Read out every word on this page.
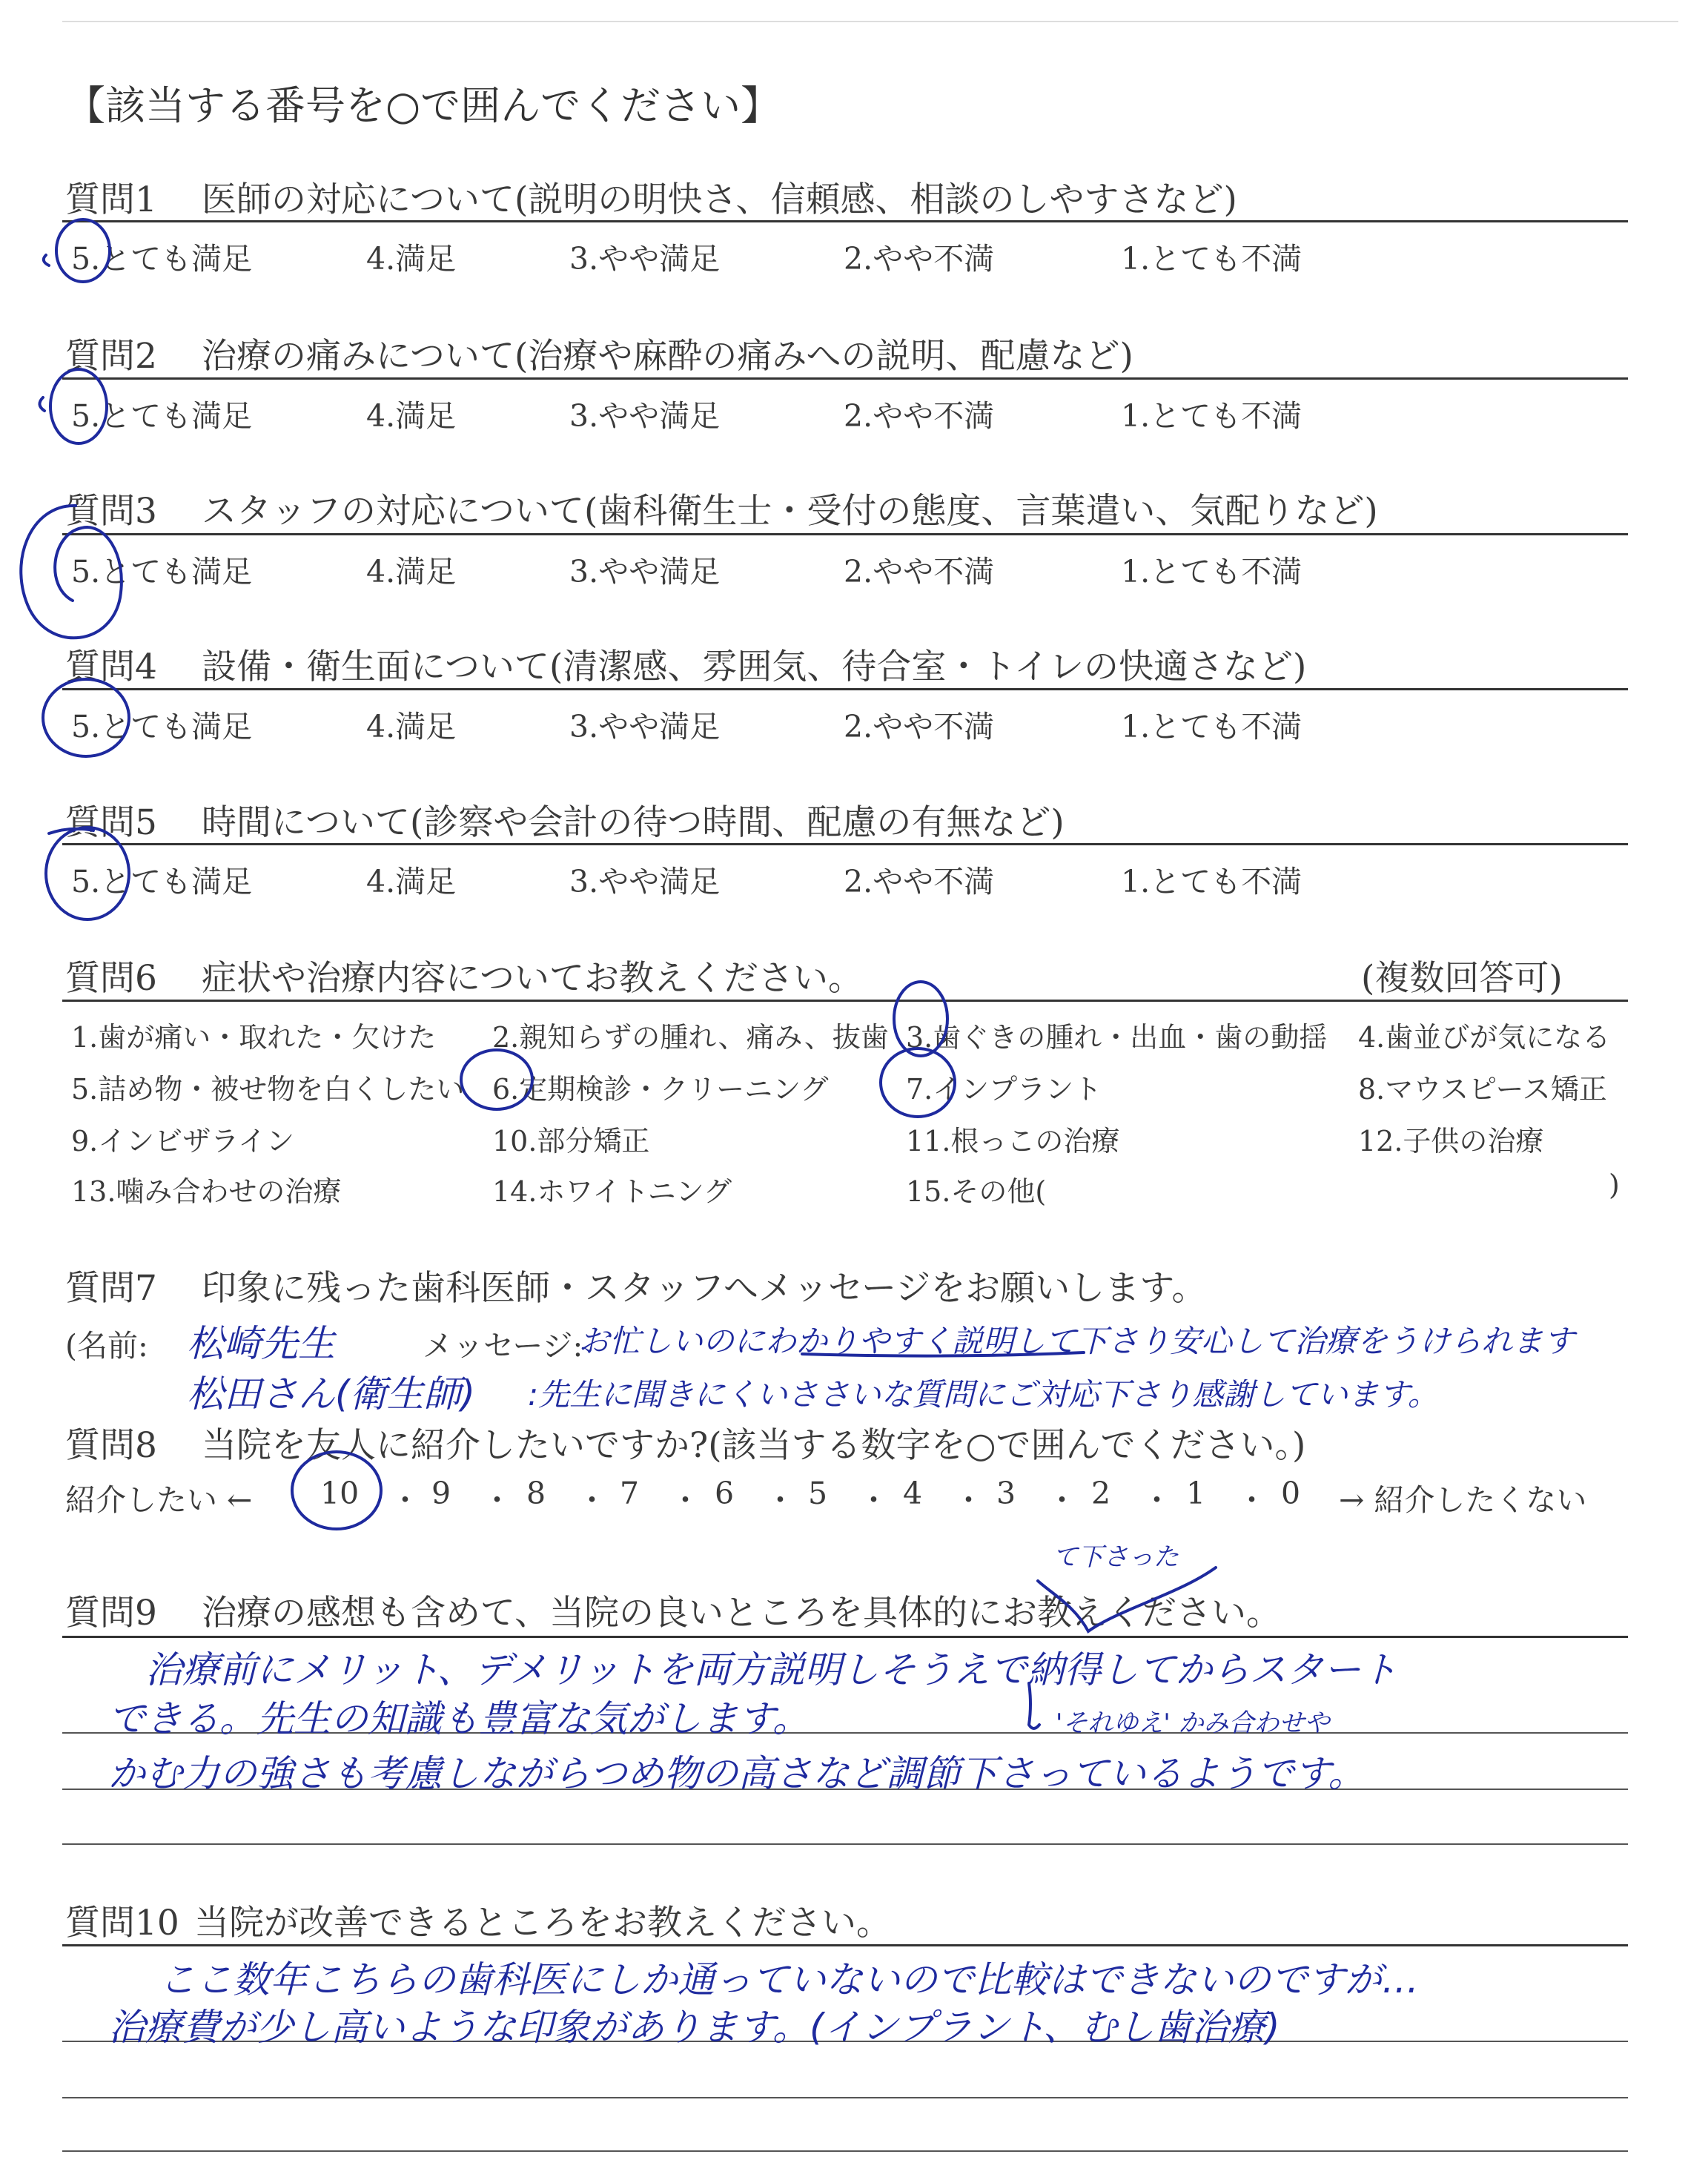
【該当する番号を○で囲んでください】
質問1 医師の対応について(説明の明快さ、信頼感、相談のしやすさなど)
5.とても満足	4.満足	3.やや満足	2.やや不満	1.とても不満
質問2 治療の痛みについて(治療や麻酔の痛みへの説明、配慮など)
5.とても満足	4.満足	3.やや満足	2.やや不満	1.とても不満
質問3 スタッフの対応について(歯科衛生士・受付の態度、言葉遣い、気配りなど)
5.とても満足	4.満足	3.やや満足	2.やや不満	1.とても不満
質問4 設備・衛生面について(清潔感、雰囲気、待合室・トイレの快適さなど)
5.とても満足	4.満足	3.やや満足	2.やや不満	1.とても不満
質問5 時間について(診察や会計の待つ時間、配慮の有無など)
5.とても満足	4.満足	3.やや満足	2.やや不満	1.とても不満
質問6 症状や治療内容についてお教えください。	(複数回答可)
1.歯が痛い・取れた・欠けた 2.親知らずの腫れ、痛み、抜歯 3.歯ぐきの腫れ・出血・歯の動揺 4.歯並びが気になる
5.詰め物・被せ物を白くしたい 6.定期検診・クリーニング	7.インプラント	8.マウスピース矯正
9.インビザライン	10.部分矯正	11.根っこの治療	12.子供の治療
13.噛み合わせの治療	14.ホワイトニング	15.その他(	)
質問7 印象に残った歯科医師・スタッフへメッセージをお願いします。
(名前:	メッセージ:
松崎先生	お忙しいのにわかりやすく説明して下さり安心して治療をうけられます
松田さん(衛生師) :先生に聞きにくいささいな質問にご対応下さり感謝しています。
質問8 当院を友人に紹介したいですか?(該当する数字を○で囲んでください。)
紹介したい ← 10 ・ 9 ・ 8 ・ 7 ・ 6 ・ 5 ・ 4 ・ 3 ・ 2 ・ 1 ・ 0 → 紹介したくない
質問9 治療の感想も含めて、当院の良いところを具体的にお教えください。
て下さった
治療前にメリット、デメリットを両方説明しそうえで納得してからスタート
できる。先生の知識も豊富な気がします。	'それゆえ' かみ合わせや
かむ力の強さも考慮しながらつめ物の高さなど調節下さっているようです。
質問10 当院が改善できるところをお教えください。
ここ数年こちらの歯科医にしか通っていないので比較はできないのですが…
治療費が少し高いような印象があります。(インプラント、むし歯治療)
